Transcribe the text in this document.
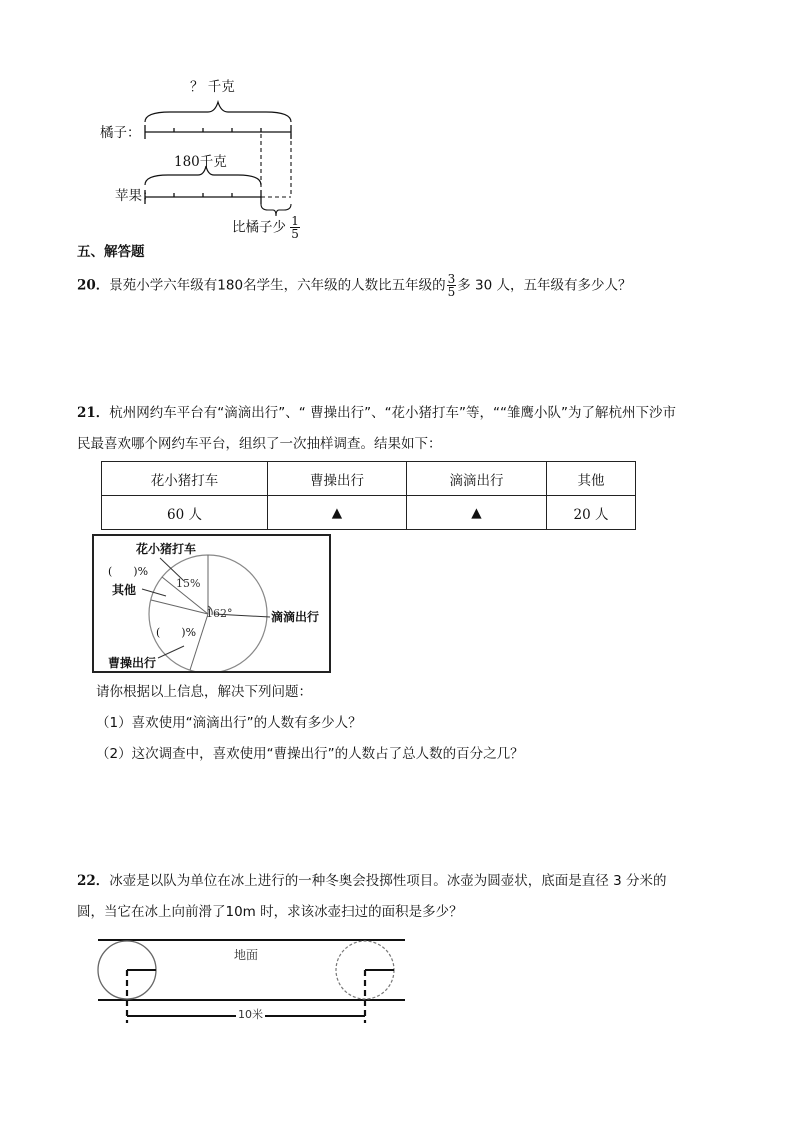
？ 千克
橘子：
180千克
苹果：
比橘子少 $\frac{1}{5}$
五、解答题
20．景苑小学六年级有180名学生，六年级的人数比五年级的 $\frac{3}{5}$ 多 30 人，五年级有多少人？
21．杭州网约车平台有“滴滴出行”、“ 曹操出行”、“花小猪打车”等，““雏鹰小队”为了解杭州下沙市
民最喜欢哪个网约车平台，组织了一次抽样调查。结果如下：
花小猪打车	曹操出行	滴滴出行	其他
60 人	▲	▲	20 人
花小猪打车
15%
(      )%
其他
162°	滴滴出行
(      )%
曹操出行
请你根据以上信息，解决下列问题：
（1）喜欢使用“滴滴出行”的人数有多少人？
（2）这次调查中，喜欢使用“曹操出行”的人数占了总人数的百分之几？
22．冰壶是以队为单位在冰上进行的一种冬奥会投掷性项目。冰壶为圆壶状，底面是直径 3 分米的
圆，当它在冰上向前滑了10m 时，求该冰壶扫过的面积是多少？
地面
10米
